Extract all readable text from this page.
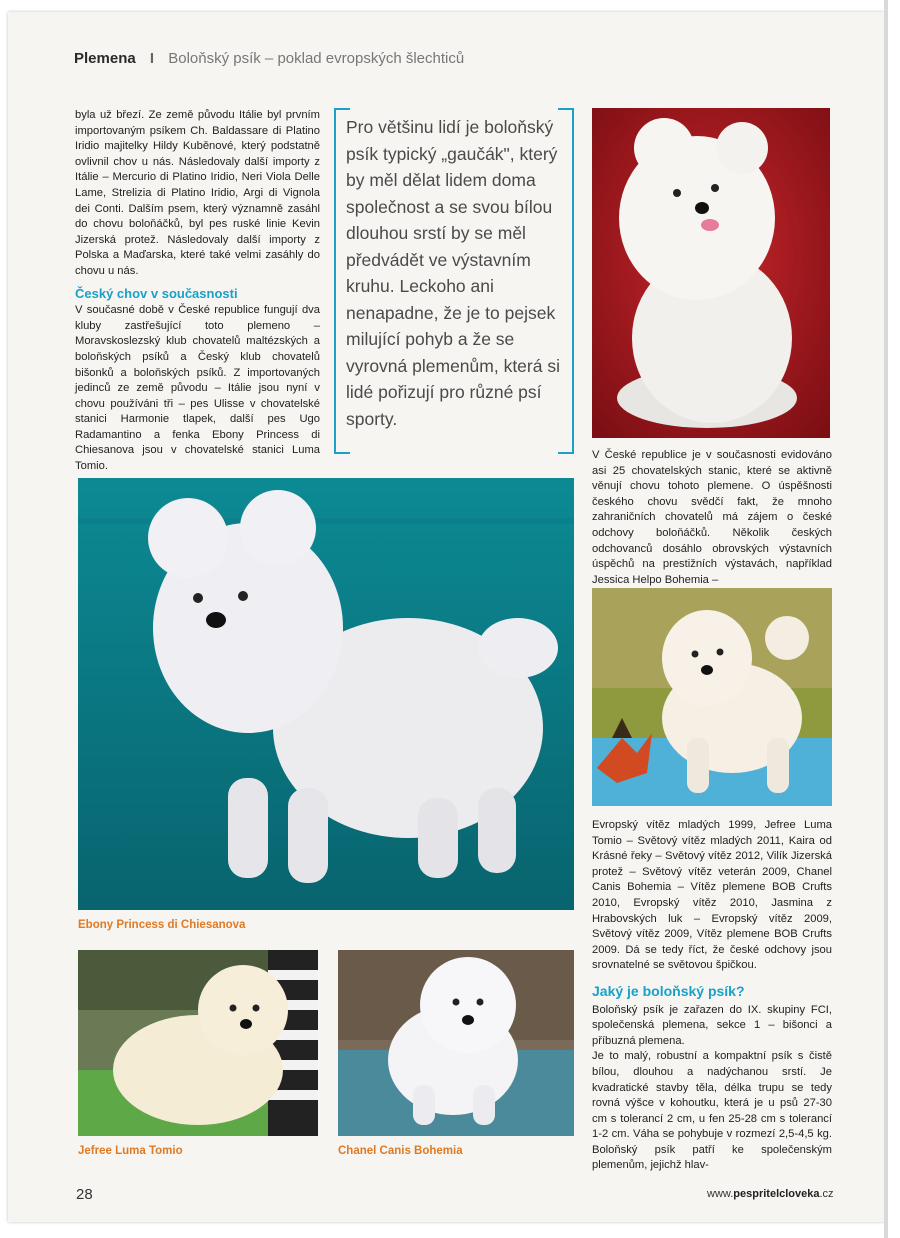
Plemena I Boloňský psík – poklad evropských šlechticů

byla už březí. Ze země původu Itálie byl prvním importovaným psíkem Ch. Baldassare di Platino Iridio majitelky Hildy Kuběnové, který podstatně ovlivnil chov u nás. Následovaly další importy z Itálie – Mercurio di Platino Iridio, Neri Viola Delle Lame, Strelizia di Platino Iridio, Argi di Vignola dei Conti. Dalším psem, který významně zasáhl do chovu boloňáčků, byl pes ruské linie Kevin Jizerská protež. Následovaly další importy z Polska a Maďarska, které také velmi zasáhly do chovu u nás.

Český chov v současnosti

V současné době v České republice fungují dva kluby zastřešující toto plemeno – Moravskoslezský klub chovatelů maltézských a boloňských psíků a Český klub chovatelů bišonků a boloňských psíků. Z importovaných jedinců ze země původu – Itálie jsou nyní v chovu používáni tři – pes Ulisse v chovatelské stanici Harmonie tlapek, další pes Ugo Radamantino a fenka Ebony Princess di Chiesanova jsou v chovatelské stanici Luma Tomio.

Pro většinu lidí je boloňský psík typický „gaučák", který by měl dělat lidem doma společnost a se svou bílou dlouhou srstí by se měl předvádět ve výstavním kruhu. Leckoho ani nenapadne, že je to pejsek milující pohyb a že se vyrovná plemenům, která si lidé pořizují pro různé psí sporty.

V České republice je v současnosti evidováno asi 25 chovatelských stanic, které se aktivně věnují chovu tohoto plemene. O úspěšnosti českého chovu svědčí fakt, že mnoho zahraničních chovatelů má zájem o české odchovy boloňáčků. Několik českých odchovanců dosáhlo obrovských výstavních úspěchů na prestižních výstavách, například Jessica Helpo Bohemia –

Ebony Princess di Chiesanova

Evropský vítěz mladých 1999, Jefree Luma Tomio – Světový vítěz mladých 2011, Kaira od Krásné řeky – Světový vítěz 2012, Vilík Jizerská protež – Světový vítěz veterán 2009, Chanel Canis Bohemia – Vítěz plemene BOB Crufts 2010, Evropský vítěz 2010, Jasmina z Hrabovských luk – Evropský vítěz 2009, Světový vítěz 2009, Vítěz plemene BOB Crufts 2009. Dá se tedy říct, že české odchovy jsou srovnatelné se světovou špičkou.

Jaký je boloňský psík?

Boloňský psík je zařazen do IX. skupiny FCI, společenská plemena, sekce 1 – bišonci a příbuzná plemena.

Je to malý, robustní a kompaktní psík s čistě bílou, dlouhou a nadýchanou srstí. Je kvadratické stavby těla, délka trupu se tedy rovná výšce v kohoutku, která je u psů 27-30 cm s tolerancí 2 cm, u fen 25-28 cm s tolerancí 1-2 cm. Váha se pohybuje v rozmezí 2,5-4,5 kg. Boloňský psík patří ke společenským plemenům, jejichž hlav-

Jefree Luma Tomio	Chanel Canis Bohemia
28	www.pespritelcloveka.cz
